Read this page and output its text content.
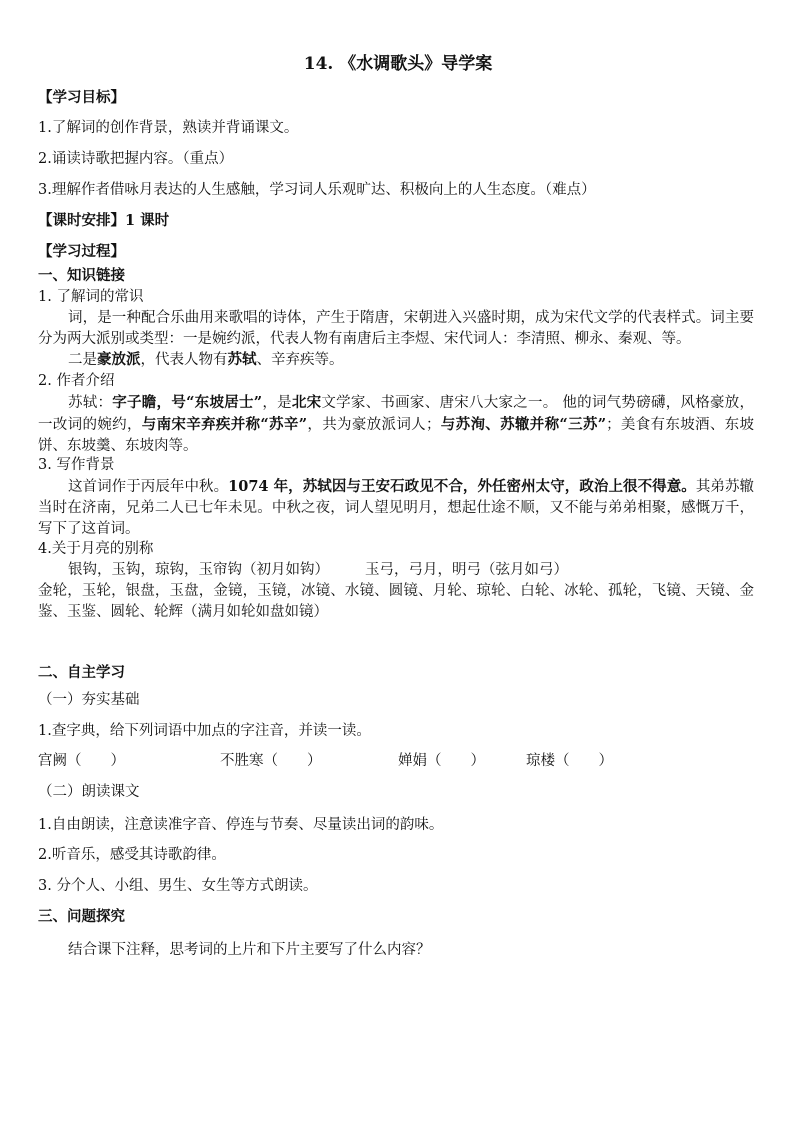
14. 《水调歌头》导学案
【学习目标】
1.了解词的创作背景，熟读并背诵课文。
2.诵读诗歌把握内容。（重点）
3.理解作者借咏月表达的人生感触，学习词人乐观旷达、积极向上的人生态度。（难点）
【课时安排】1 课时
【学习过程】
一、知识链接
1. 了解词的常识
词，是一种配合乐曲用来歌唱的诗体，产生于隋唐，宋朝进入兴盛时期，成为宋代文学的代表样式。词主要分为两大派别或类型：一是婉约派，代表人物有南唐后主李煜、宋代词人：李清照、柳永、秦观、等。
二是豪放派，代表人物有苏轼、辛弃疾等。
2. 作者介绍
苏轼：字子瞻，号“东坡居士”，是北宋文学家、书画家、唐宋八大家之一。 他的词气势磅礴，风格豪放，一改词的婉约，与南宋辛弃疾并称“苏辛”，共为豪放派词人；与苏洵、苏辙并称“三苏”；美食有东坡酒、东坡饼、东坡羹、东坡肉等。
3. 写作背景
这首词作于丙辰年中秋。1074 年，苏轼因与王安石政见不合，外任密州太守，政治上很不得意。其弟苏辙当时在济南，兄弟二人已七年未见。中秋之夜，词人望见明月，想起仕途不顺，又不能与弟弟相聚，感慨万千，写下了这首词。
4.关于月亮的别称
银钩，玉钩，琼钩，玉帘钩（初月如钩） 玉弓，弓月，明弓（弦月如弓）
金轮，玉轮，银盘，玉盘，金镜，玉镜，冰镜、水镜、圆镜、月轮、琼轮、白轮、冰轮、孤轮，飞镜、天镜、金鉴、玉鉴、圆轮、轮辉（满月如轮如盘如镜）
二、自主学习
（一）夯实基础
1.查字典，给下列词语中加点的字注音，并读一读。
宫阙（　　）	不胜寒（　　）	婵娟（　　）	琼楼（　　）
（二）朗读课文
1.自由朗读，注意读准字音、停连与节奏、尽量读出词的韵味。
2.听音乐，感受其诗歌韵律。
3. 分个人、小组、男生、女生等方式朗读。
三、问题探究
结合课下注释，思考词的上片和下片主要写了什么内容？
